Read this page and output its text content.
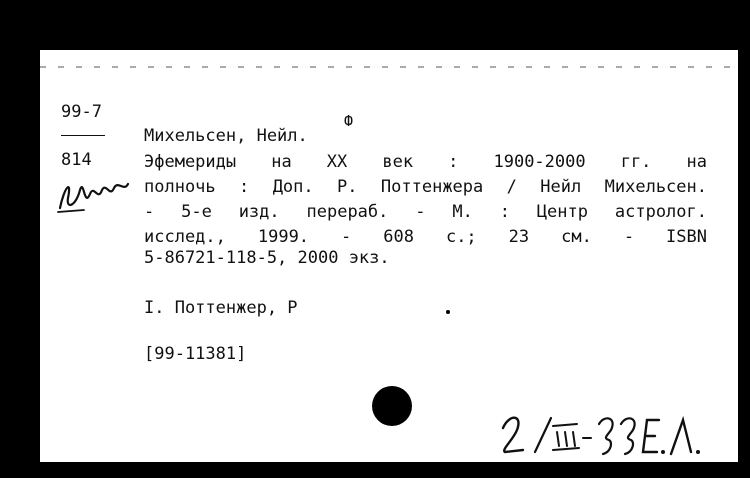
99-7
814
Михельсен, Нейл.
Ф
Эфемериды на XX век : 1900-2000 гг. на
полночь : Доп. Р. Поттенжера / Нейл Михельсен.
- 5-е изд. перераб. - М. : Центр астролог.
исслед., 1999. - 608 с.; 23 см. - ISBN
5-86721-118-5, 2000 экз.
I. Поттенжер, Р
[99-11381]
